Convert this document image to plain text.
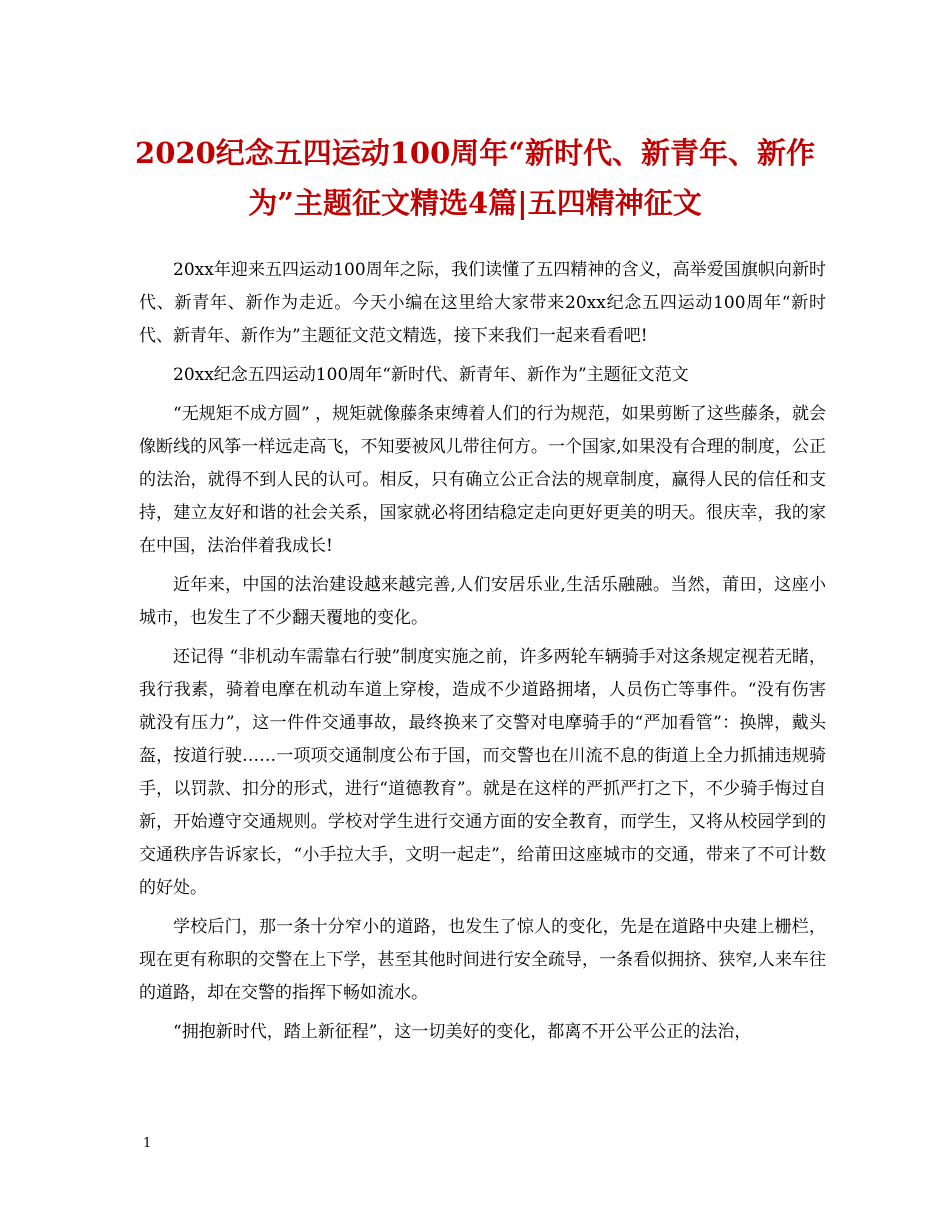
2020纪念五四运动100周年“新时代、新青年、新作为”主题征文精选4篇|五四精神征文

20xx年迎来五四运动100周年之际，我们读懂了五四精神的含义，高举爱国旗帜向新时代、新青年、新作为走近。今天小编在这里给大家带来20xx纪念五四运动100周年“新时代、新青年、新作为”主题征文范文精选，接下来我们一起来看看吧!

20xx纪念五四运动100周年“新时代、新青年、新作为”主题征文范文

“无规矩不成方圆” ，规矩就像藤条束缚着人们的行为规范，如果剪断了这些藤条，就会像断线的风筝一样远走高飞，不知要被风儿带往何方。一个国家,如果没有合理的制度，公正的法治，就得不到人民的认可。相反，只有确立公正合法的规章制度，赢得人民的信任和支持，建立友好和谐的社会关系，国家就必将团结稳定走向更好更美的明天。很庆幸，我的家在中国，法治伴着我成长!

近年来，中国的法治建设越来越完善,人们安居乐业,生活乐融融。当然，莆田，这座小城市，也发生了不少翻天覆地的变化。

还记得 “非机动车需靠右行驶”制度实施之前，许多两轮车辆骑手对这条规定视若无睹，我行我素，骑着电摩在机动车道上穿梭，造成不少道路拥堵，人员伤亡等事件。“没有伤害就没有压力”，这一件件交通事故，最终换来了交警对电摩骑手的“严加看管”：换牌，戴头盔，按道行驶……一项项交通制度公布于国，而交警也在川流不息的街道上全力抓捕违规骑手，以罚款、扣分的形式，进行“道德教育”。就是在这样的严抓严打之下，不少骑手悔过自新，开始遵守交通规则。学校对学生进行交通方面的安全教育，而学生，又将从校园学到的交通秩序告诉家长，“小手拉大手，文明一起走”，给莆田这座城市的交通，带来了不可计数的好处。

学校后门，那一条十分窄小的道路，也发生了惊人的变化，先是在道路中央建上栅栏，现在更有称职的交警在上下学，甚至其他时间进行安全疏导，一条看似拥挤、狭窄,人来车往的道路，却在交警的指挥下畅如流水。

“拥抱新时代，踏上新征程”，这一切美好的变化，都离不开公平公正的法治，

1
